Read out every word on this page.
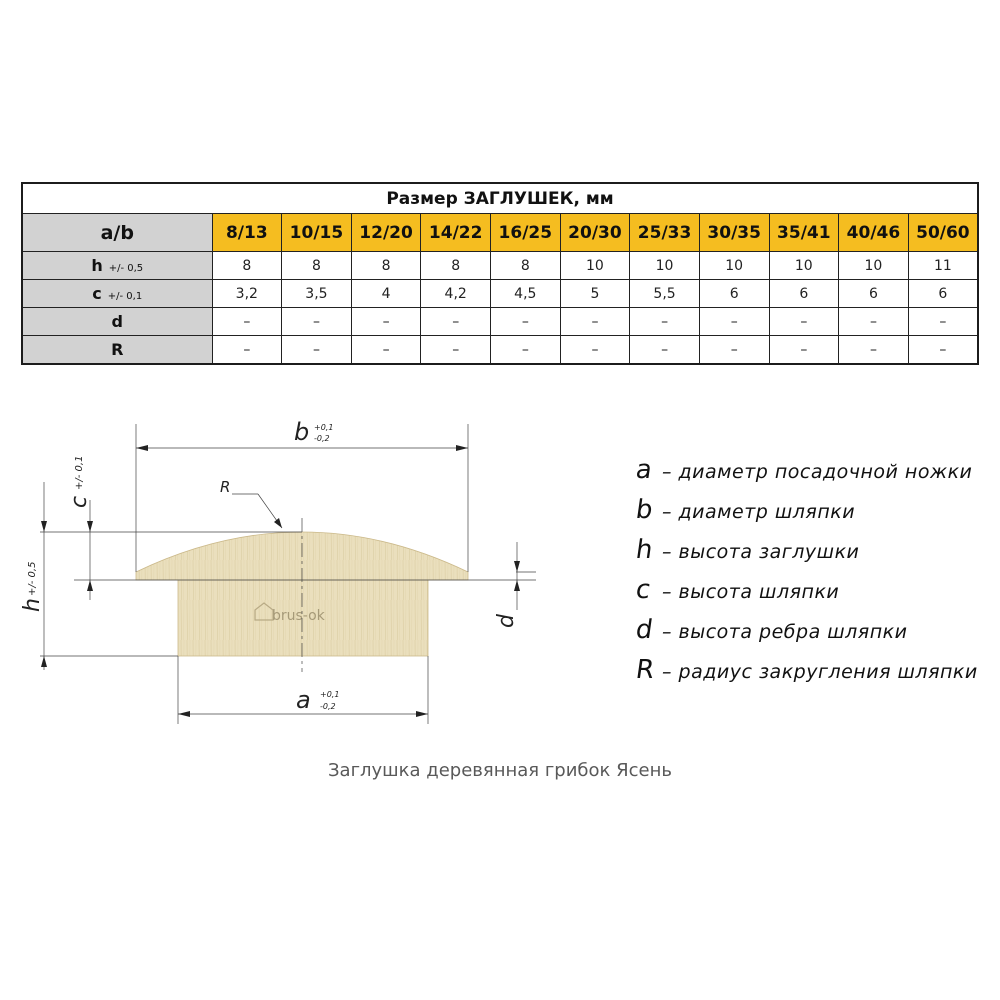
Размер ЗАГЛУШЕК, мм											
a/b	8/13	10/15	12/20	14/22	16/25	20/30	25/33	30/35	35/41	40/46	50/60
h +/- 0,5	8	8	8	8	8	10	10	10	10	10	11
c +/- 0,1	3,2	3,5	4	4,2	4,5	5	5,5	6	6	6	6
d	–	–	–	–	–	–	–	–	–	–	–
R	–	–	–	–	–	–	–	–	–	–	–
brus-ok
b +0,1
-0,2
a +0,1
-0,2
R
c
+/- 0,1
h
+/- 0,5
d
a – диаметр посадочной ножки
b – диаметр шляпки
h – высота заглушки
c – высота шляпки
d – высота ребра шляпки
R – радиус закругления шляпки
Заглушка деревянная грибок Ясень
